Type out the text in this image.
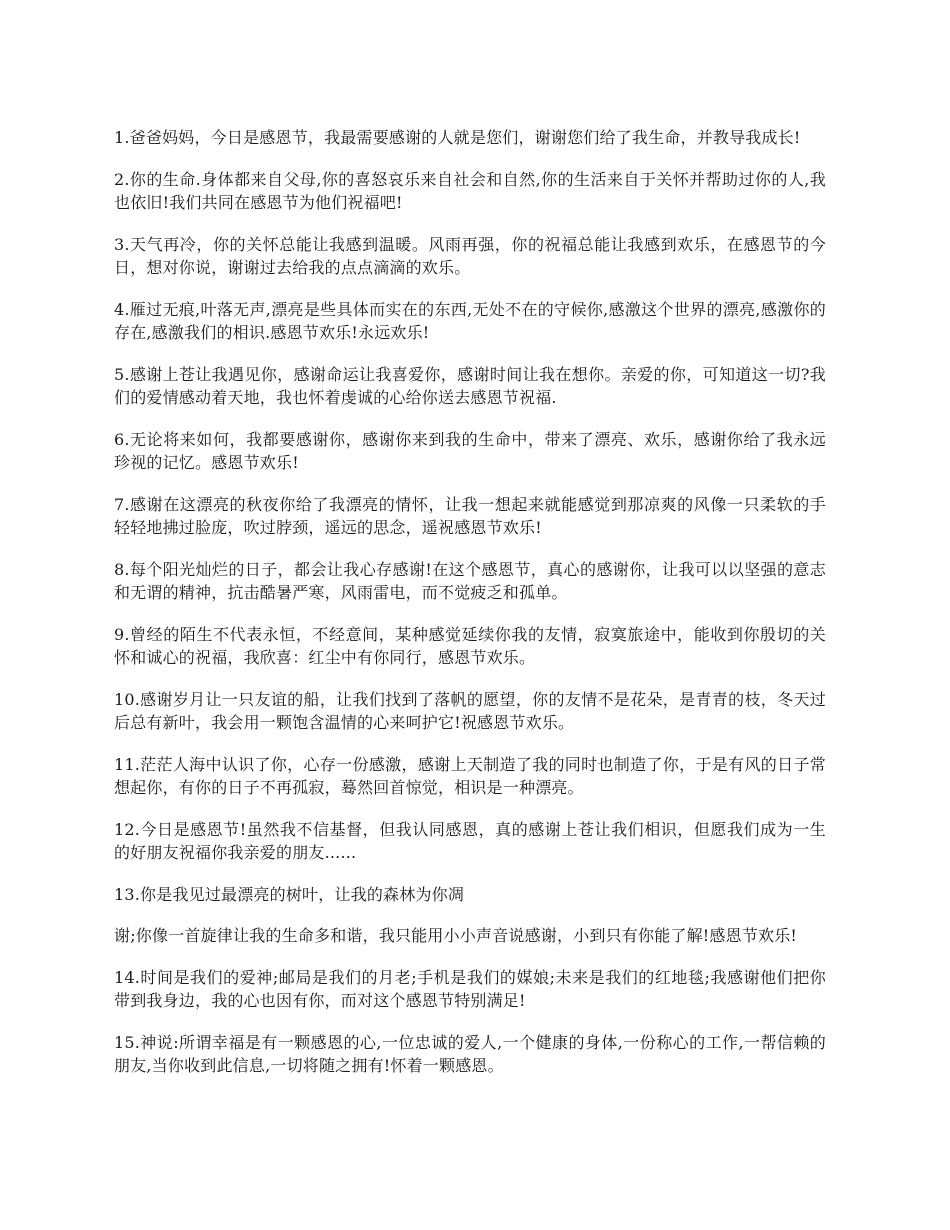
1.爸爸妈妈，今日是感恩节，我最需要感谢的人就是您们，谢谢您们给了我生命，并教导我成长!

2.你的生命.身体都来自父母,你的喜怒哀乐来自社会和自然,你的生活来自于关怀并帮助过你的人,我也依旧!我们共同在感恩节为他们祝福吧!

3.天气再冷，你的关怀总能让我感到温暖。风雨再强，你的祝福总能让我感到欢乐，在感恩节的今日，想对你说，谢谢过去给我的点点滴滴的欢乐。

4.雁过无痕,叶落无声,漂亮是些具体而实在的东西,无处不在的守候你,感激这个世界的漂亮,感激你的存在,感激我们的相识.感恩节欢乐!永远欢乐!

5.感谢上苍让我遇见你，感谢命运让我喜爱你，感谢时间让我在想你。亲爱的你，可知道这一切?我们的爱情感动着天地，我也怀着虔诚的心给你送去感恩节祝福.

6.无论将来如何，我都要感谢你，感谢你来到我的生命中，带来了漂亮、欢乐，感谢你给了我永远珍视的记忆。感恩节欢乐!

7.感谢在这漂亮的秋夜你给了我漂亮的情怀，让我一想起来就能感觉到那凉爽的风像一只柔软的手轻轻地拂过脸庞，吹过脖颈，遥远的思念，遥祝感恩节欢乐!

8.每个阳光灿烂的日子，都会让我心存感谢!在这个感恩节，真心的感谢你，让我可以以坚强的意志和无谓的精神，抗击酷暑严寒，风雨雷电，而不觉疲乏和孤单。

9.曾经的陌生不代表永恒，不经意间，某种感觉延续你我的友情，寂寞旅途中，能收到你殷切的关怀和诚心的祝福，我欣喜：红尘中有你同行，感恩节欢乐。

10.感谢岁月让一只友谊的船，让我们找到了落帆的愿望，你的友情不是花朵，是青青的枝，冬天过后总有新叶，我会用一颗饱含温情的心来呵护它!祝感恩节欢乐。

11.茫茫人海中认识了你，心存一份感激，感谢上天制造了我的同时也制造了你，于是有风的日子常想起你，有你的日子不再孤寂，蓦然回首惊觉，相识是一种漂亮。

12.今日是感恩节!虽然我不信基督，但我认同感恩，真的感谢上苍让我们相识，但愿我们成为一生的好朋友祝福你我亲爱的朋友......

13.你是我见过最漂亮的树叶，让我的森林为你凋

谢;你像一首旋律让我的生命多和谐，我只能用小小声音说感谢，小到只有你能了解!感恩节欢乐!

14.时间是我们的爱神;邮局是我们的月老;手机是我们的媒娘;未来是我们的红地毯;我感谢他们把你带到我身边，我的心也因有你，而对这个感恩节特别满足!

15.神说:所谓幸福是有一颗感恩的心,一位忠诚的爱人,一个健康的身体,一份称心的工作,一帮信赖的朋友,当你收到此信息,一切将随之拥有!怀着一颗感恩。
